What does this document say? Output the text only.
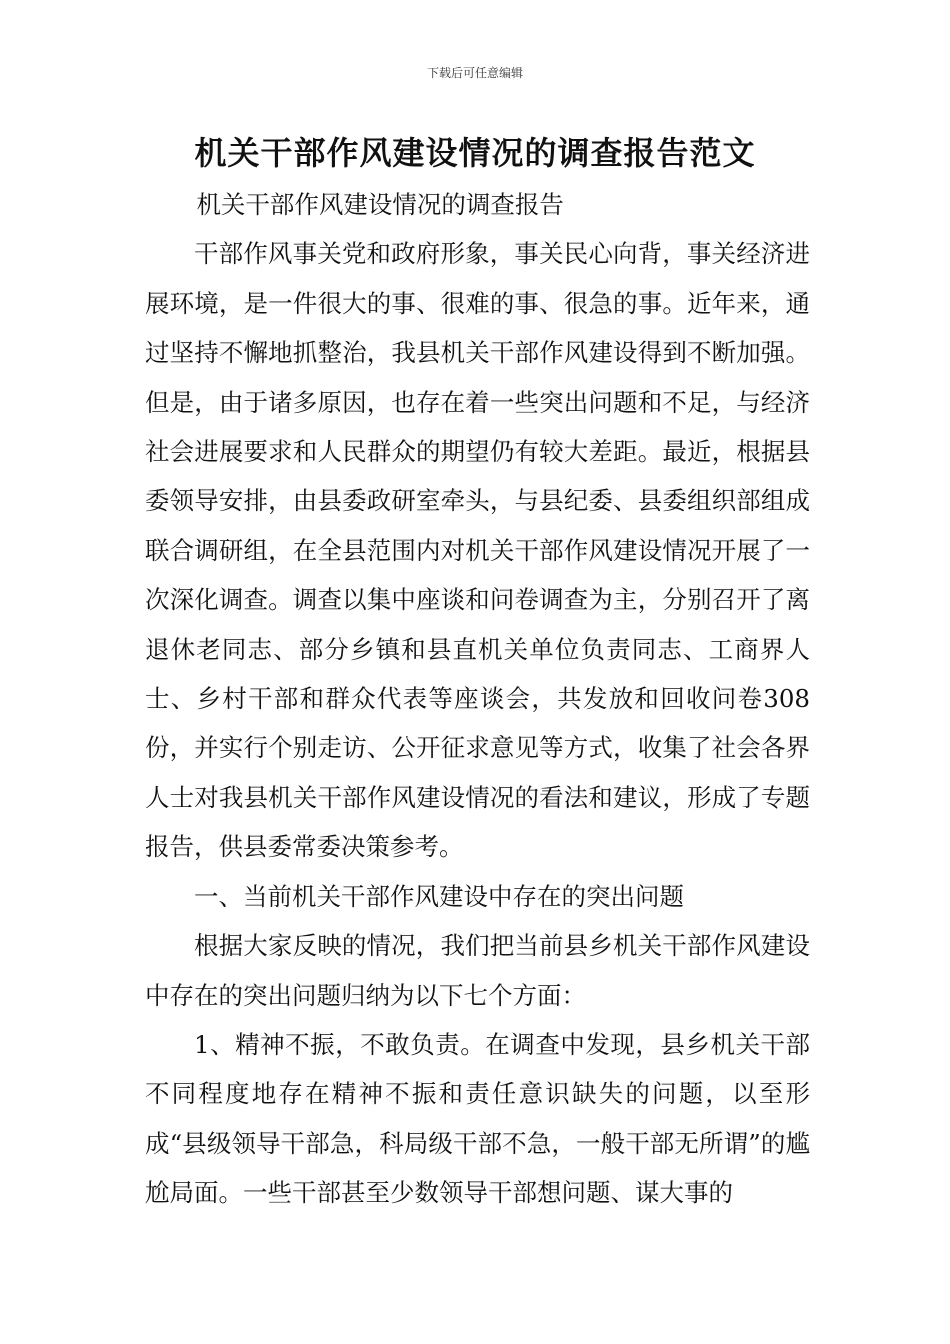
下载后可任意编辑
机关干部作风建设情况的调查报告范文

机关干部作风建设情况的调查报告

干部作风事关党和政府形象，事关民心向背，事关经济进展环境，是一件很大的事、很难的事、很急的事。近年来，通过坚持不懈地抓整治，我县机关干部作风建设得到不断加强。但是，由于诸多原因，也存在着一些突出问题和不足，与经济社会进展要求和人民群众的期望仍有较大差距。最近，根据县委领导安排，由县委政研室牵头，与县纪委、县委组织部组成联合调研组，在全县范围内对机关干部作风建设情况开展了一次深化调查。调查以集中座谈和问卷调查为主，分别召开了离退休老同志、部分乡镇和县直机关单位负责同志、工商界人士、乡村干部和群众代表等座谈会，共发放和回收问卷308份，并实行个别走访、公开征求意见等方式，收集了社会各界人士对我县机关干部作风建设情况的看法和建议，形成了专题报告，供县委常委决策参考。

一、当前机关干部作风建设中存在的突出问题

根据大家反映的情况，我们把当前县乡机关干部作风建设中存在的突出问题归纳为以下七个方面：

1、精神不振，不敢负责。在调查中发现，县乡机关干部不同程度地存在精神不振和责任意识缺失的问题，以至形成“县级领导干部急，科局级干部不急，一般干部无所谓”的尴尬局面。一些干部甚至少数领导干部想问题、谋大事的
